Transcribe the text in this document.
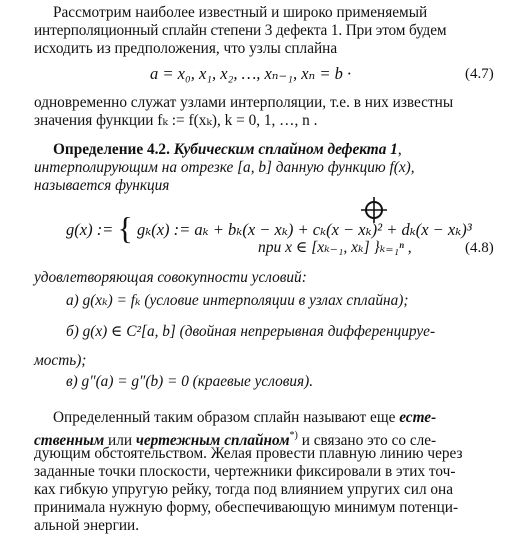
Рассмотрим наиболее известный и широко применяемый
интерполяционный сплайн степени 3 дефекта 1. При этом будем
исходить из предположения, что узлы сплайна
a = x₀, x₁, x₂, …, xₙ₋₁, xₙ = b ·	(4.7)
одновременно служат узлами интерполяции, т.е. в них известны
значения функции fₖ := f(xₖ), k = 0, 1, …, n .
Определение 4.2. Кубическим сплайном дефекта 1,
интерполирующим на отрезке [a, b] данную функцию f(x),
называется функция
g(x) := { gₖ(x) := aₖ + bₖ(x − xₖ) + cₖ(x − xₖ)² + dₖ(x − xₖ)³
при x ∈ [xₖ₋₁, xₖ] }ₖ₌₁ⁿ ,	(4.8)
удовлетворяющая совокупности условий:
а) g(xₖ) = fₖ (условие интерполяции в узлах сплайна);
б) g(x) ∈ C²[a, b] (двойная непрерывная дифференцируе-
мость);
в) g″(a) = g″(b) = 0 (краевые условия).
Определенный таким образом сплайн называют еще есте-
ственным или чертежным сплайном*) и связано это со сле-
дующим обстоятельством. Желая провести плавную линию через
заданные точки плоскости, чертежники фиксировали в этих точ-
ках гибкую упругую рейку, тогда под влиянием упругих сил она
принимала нужную форму, обеспечивающую минимум потенци-
альной энергии.
